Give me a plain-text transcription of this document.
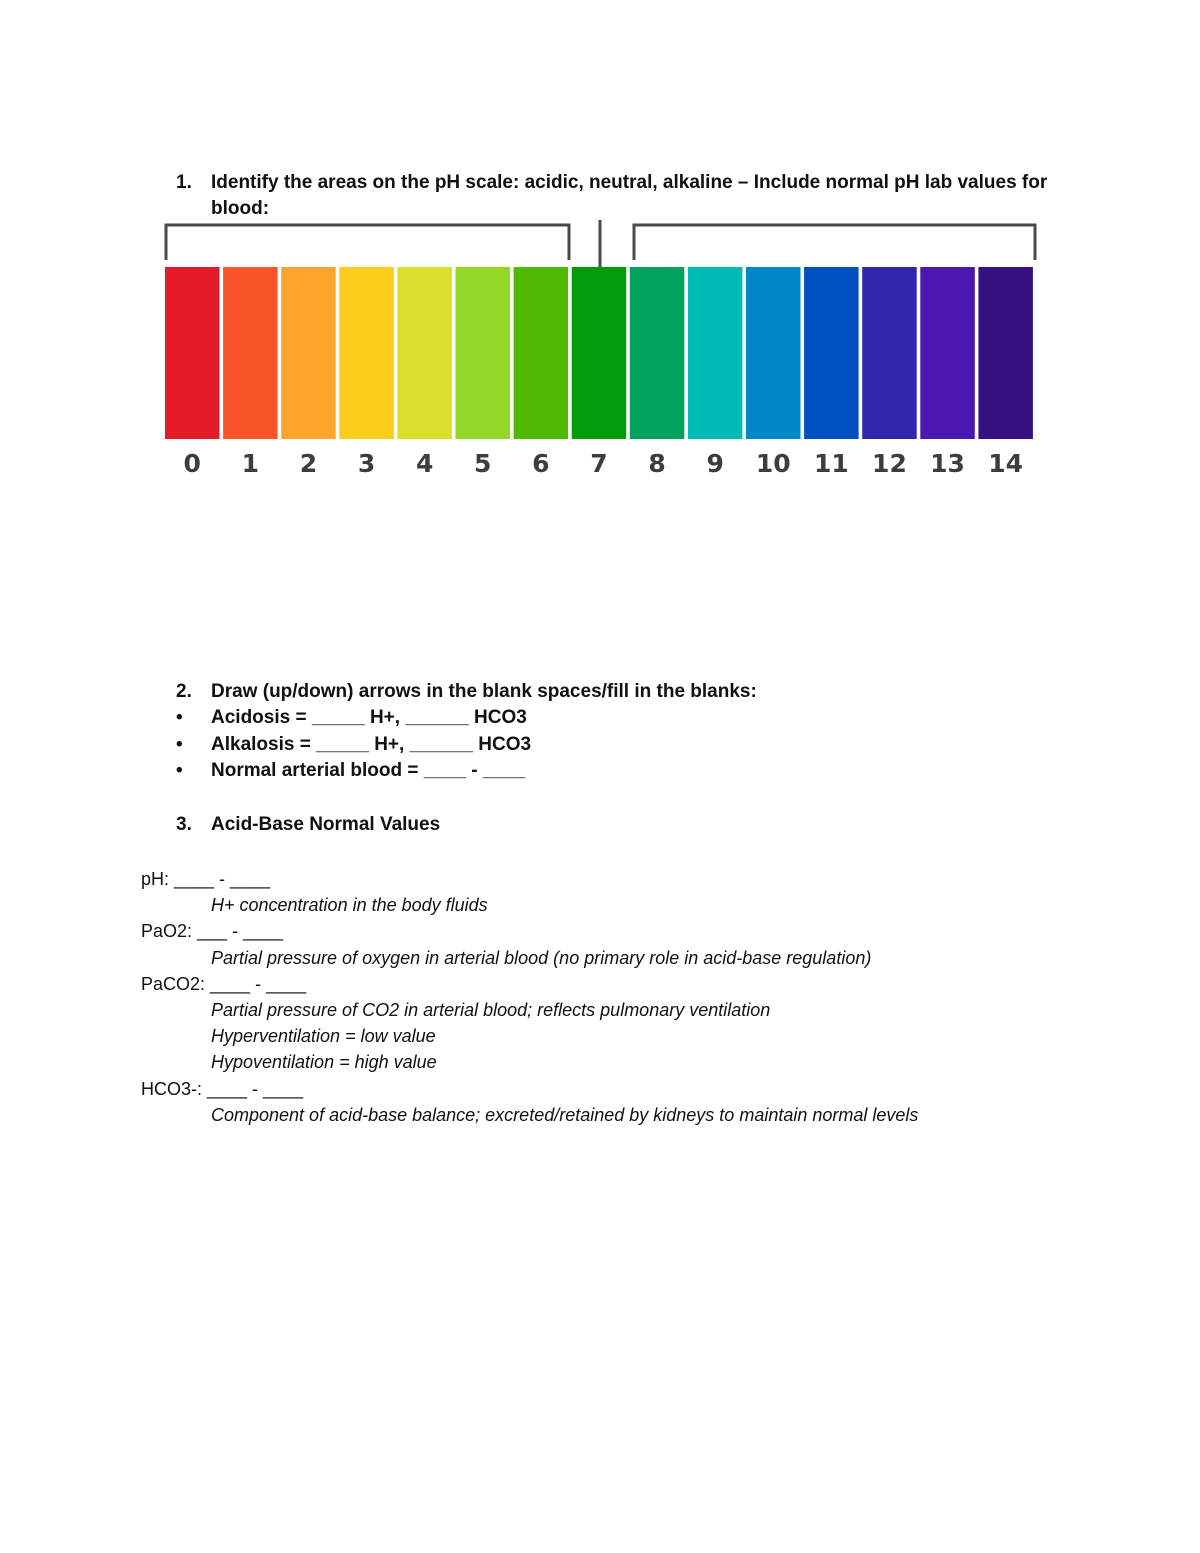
1. Identify the areas on the pH scale: acidic, neutral, alkaline – Include normal pH lab values for blood:
0 1 2 3 4 5 6 7 8 9 10 11 12 13 14
2. Draw (up/down) arrows in the blank spaces/fill in the blanks:
• Acidosis = _____ H+, ______ HCO3
• Alkalosis = _____ H+, ______ HCO3
• Normal arterial blood = ____ - ____
3. Acid-Base Normal Values
pH: ____ - ____
H+ concentration in the body fluids
PaO2: ___ - ____
Partial pressure of oxygen in arterial blood (no primary role in acid-base regulation)
PaCO2: ____ - ____
Partial pressure of CO2 in arterial blood; reflects pulmonary ventilation
Hyperventilation = low value
Hypoventilation = high value
HCO3-: ____ - ____
Component of acid-base balance; excreted/retained by kidneys to maintain normal levels
